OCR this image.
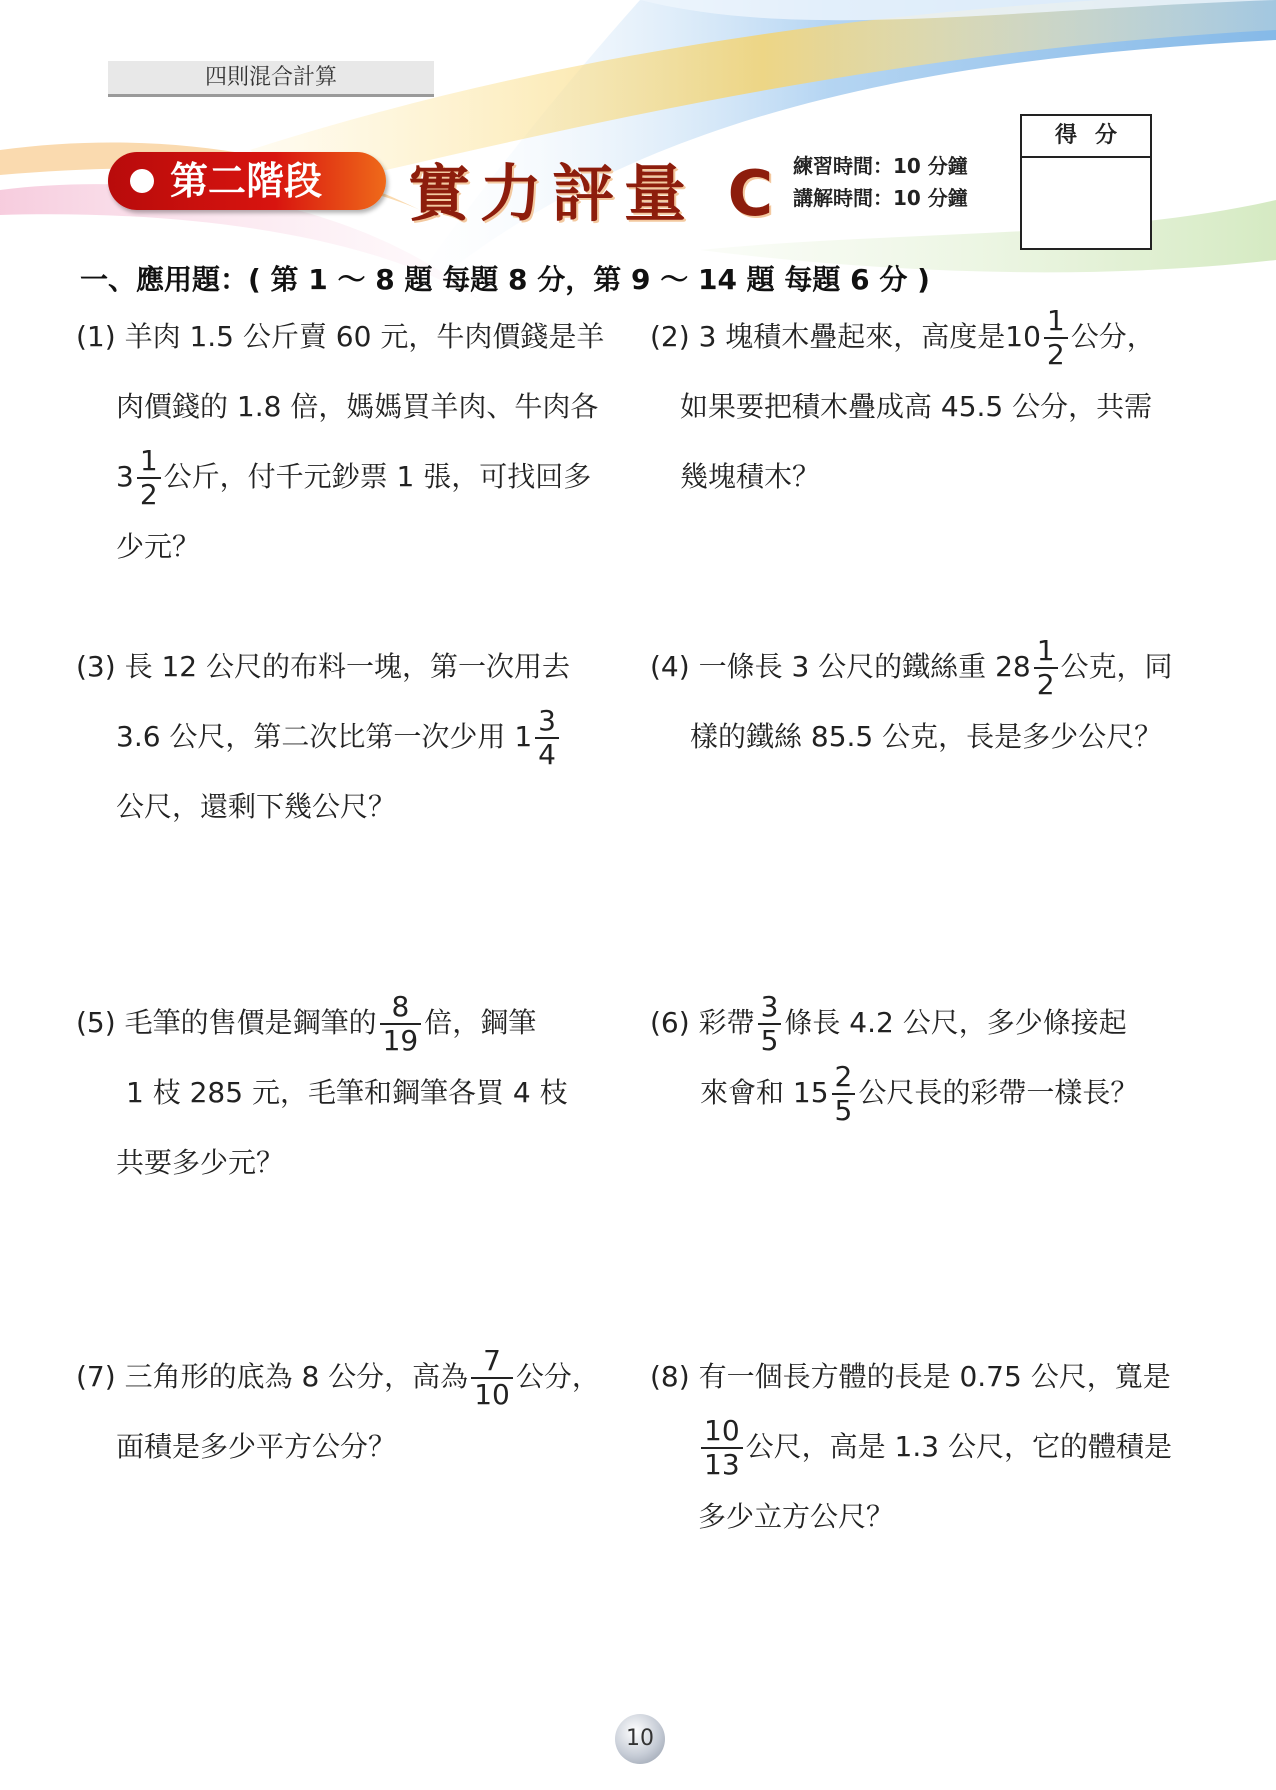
四則混合計算
第二階段 實力評量 C 練習時間：10 分鐘
講解時間：10 分鐘
得分
一、應用題：( 第 1 ～ 8 題 每題 8 分，第 9 ～ 14 題 每題 6 分 )
(1) 羊肉 1.5 公斤賣 60 元，牛肉價錢是羊
肉價錢的 1.8 倍，媽媽買羊肉、牛肉各
$3 \frac{1}{2}$ 公斤，付千元鈔票 1 張，可找回多
少元？
(2) 3 塊積木疊起來，高度是$10 \frac{1}{2}$ 公分，
如果要把積木疊成高 45.5 公分，共需
幾塊積木？
(3) 長 12 公尺的布料一塊，第一次用去
3.6 公尺，第二次比第一次少用 $1 \frac{3}{4}$
公尺，還剩下幾公尺？
(4) 一條長 3 公尺的鐵絲重 $28 \frac{1}{2}$ 公克，同
樣的鐵絲 85.5 公克，長是多少公尺？
(5) 毛筆的售價是鋼筆的 $\frac{8}{19}$ 倍，鋼筆
1 枝 285 元，毛筆和鋼筆各買 4 枝
共要多少元？
(6) 彩帶 $\frac{3}{5}$ 條長 4.2 公尺，多少條接起
來會和 $15 \frac{2}{5}$ 公尺長的彩帶一樣長？
(7) 三角形的底為 8 公分，高為 $\frac{7}{10}$ 公分，
面積是多少平方公分？
(8) 有一個長方體的長是 0.75 公尺，寬是
$\frac{10}{13}$ 公尺，高是 1.3 公尺，它的體積是
多少立方公尺？
10
